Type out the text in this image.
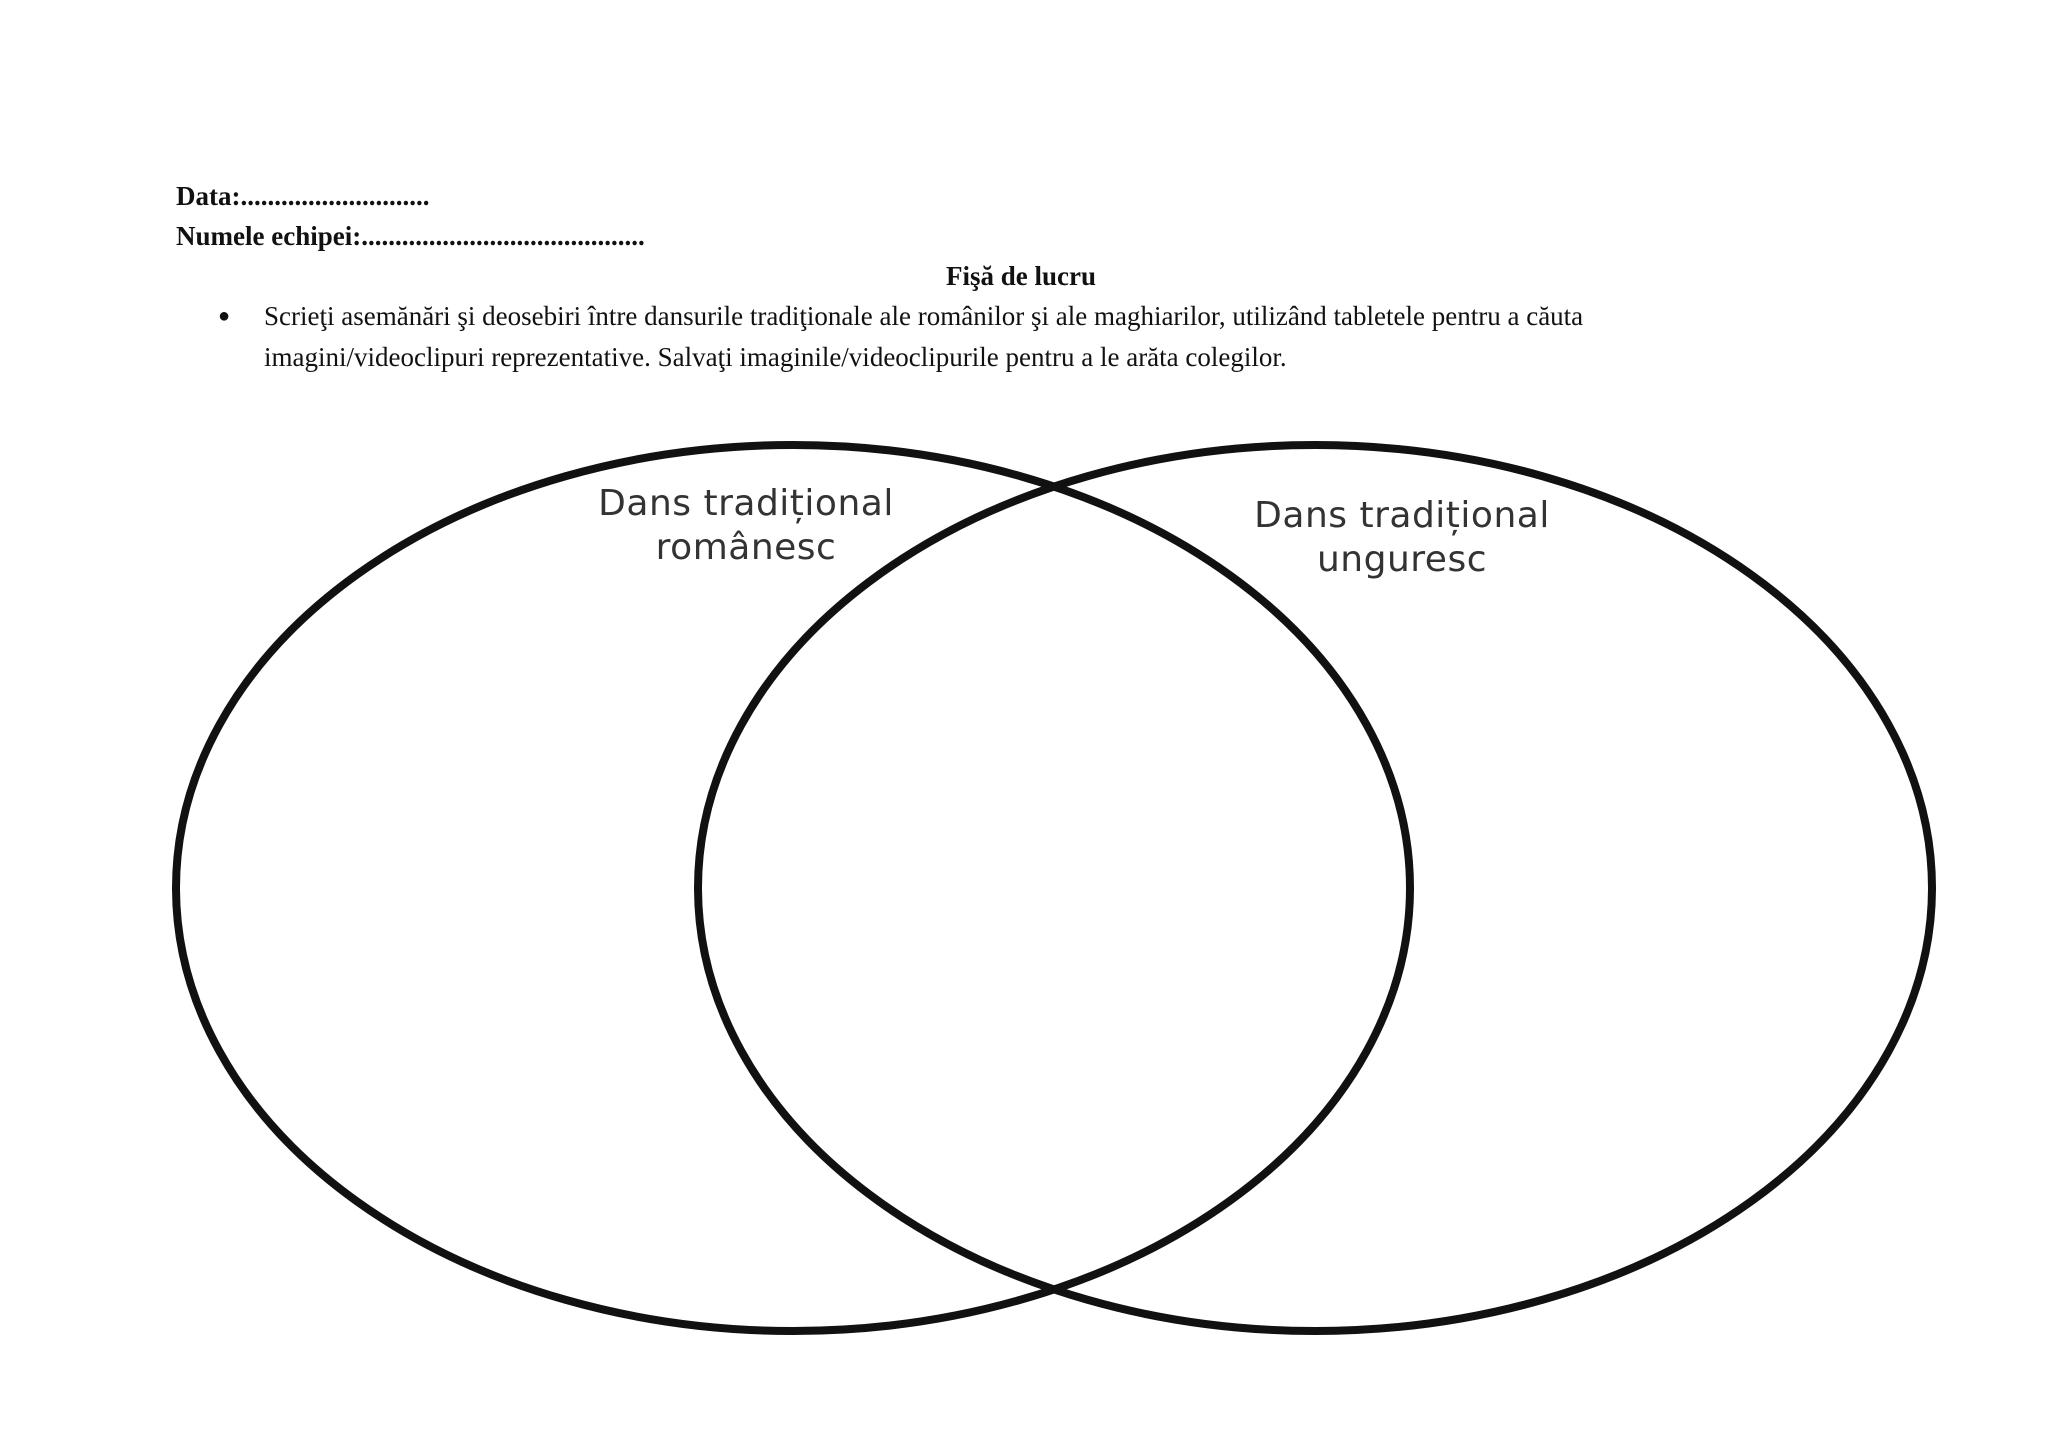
Data:............................
Numele echipei:..........................................
Fişă de lucru
● Scrieţi asemănări şi deosebiri între dansurile tradiţionale ale românilor şi ale maghiarilor, utilizând tabletele pentru a căuta imagini/videoclipuri reprezentative. Salvaţi imaginile/videoclipurile pentru a le arăta colegilor.
Dans tradițional
românesc
Dans tradițional
unguresc
